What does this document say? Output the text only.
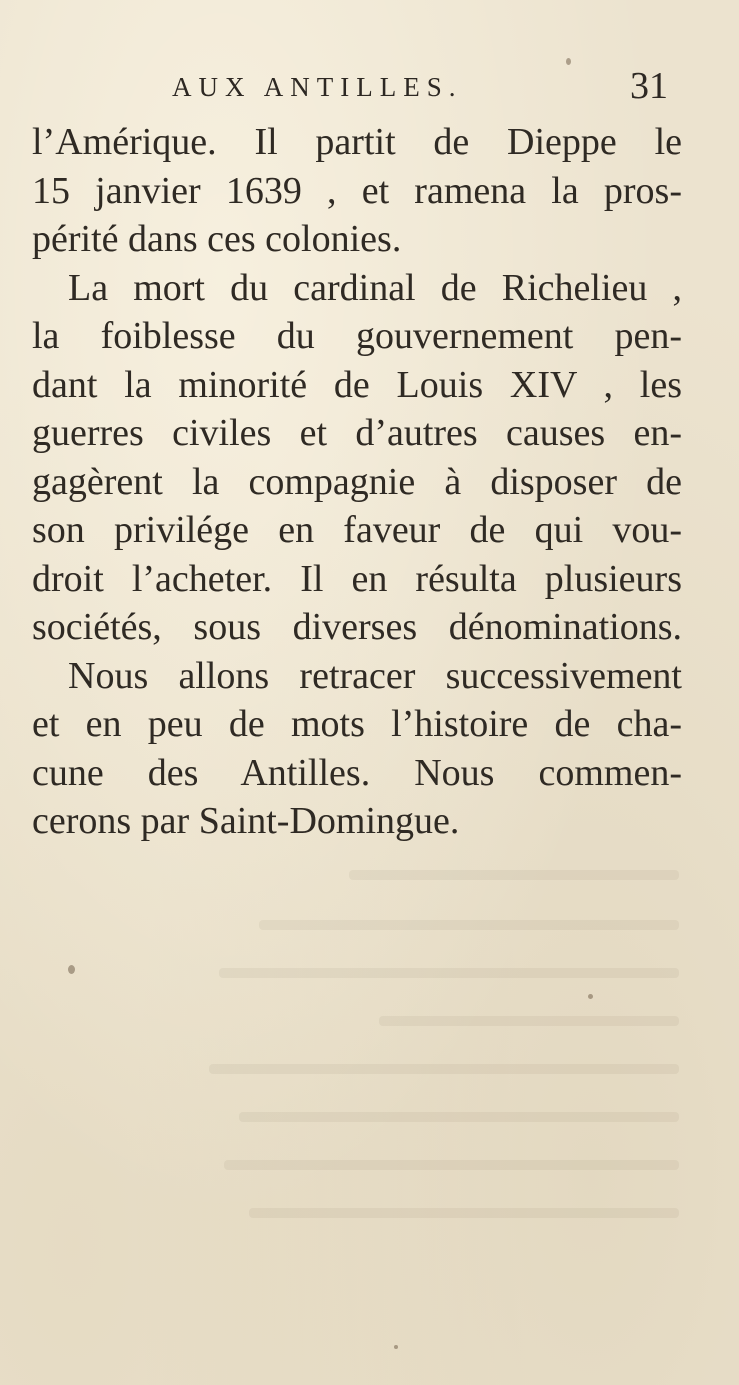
AUX ANTILLES.	31
l’Amérique. Il partit de Dieppe le
15 janvier 1639 , et ramena la pros-
périté dans ces colonies.
La mort du cardinal de Richelieu ,
la foiblesse du gouvernement pen-
dant la minorité de Louis XIV , les
guerres civiles et d’autres causes en-
gagèrent la compagnie à disposer de
son privilége en faveur de qui vou-
droit l’acheter. Il en résulta plusieurs
sociétés, sous diverses dénominations.
Nous allons retracer successivement
et en peu de mots l’histoire de cha-
cune des Antilles. Nous commen-
cerons par Saint-Domingue.
